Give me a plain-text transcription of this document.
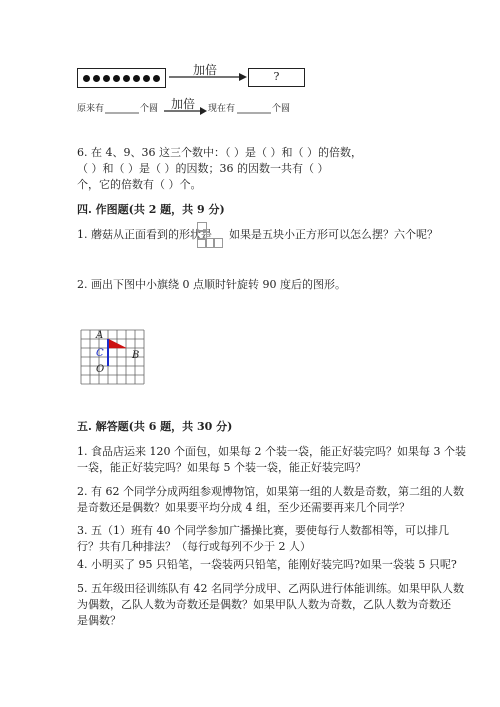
加倍	?
原来有	个圆 加倍 现在有	个圆
6. 在 4、9、36 这三个数中：（ ）是（ ）和（ ）的倍数，
（ ）和（ ）是（ ）的因数；36 的因数一共有（ ）
个，它的倍数有（ ）个。
四. 作图题(共 2 题，共 9 分)
1. 蘑菇从正面看到的形状是 如果是五块小正方形可以怎么摆？六个呢？
2. 画出下图中小旗绕 0 点顺时针旋转 90 度后的图形。
A
C	B
O
五. 解答题(共 6 题，共 30 分)
1. 食品店运来 120 个面包，如果每 2 个装一袋，能正好装完吗？如果每 3 个装
一袋，能正好装完吗？如果每 5 个装一袋，能正好装完吗？
2. 有 62 个同学分成两组参观博物馆，如果第一组的人数是奇数，第二组的人数
是奇数还是偶数？如果要平均分成 4 组，至少还需要再来几个同学？
3. 五（1）班有 40 个同学参加广播操比赛，要使每行人数都相等，可以排几
行？共有几种排法？（每行或每列不少于 2 人）
4. 小明买了 95 只铅笔，一袋装两只铅笔，能刚好装完吗?如果一袋装 5 只呢?
5. 五年级田径训练队有 42 名同学分成甲、乙两队进行体能训练。如果甲队人数
为偶数，乙队人数为奇数还是偶数？如果甲队人数为奇数，乙队人数为奇数还
是偶数？
